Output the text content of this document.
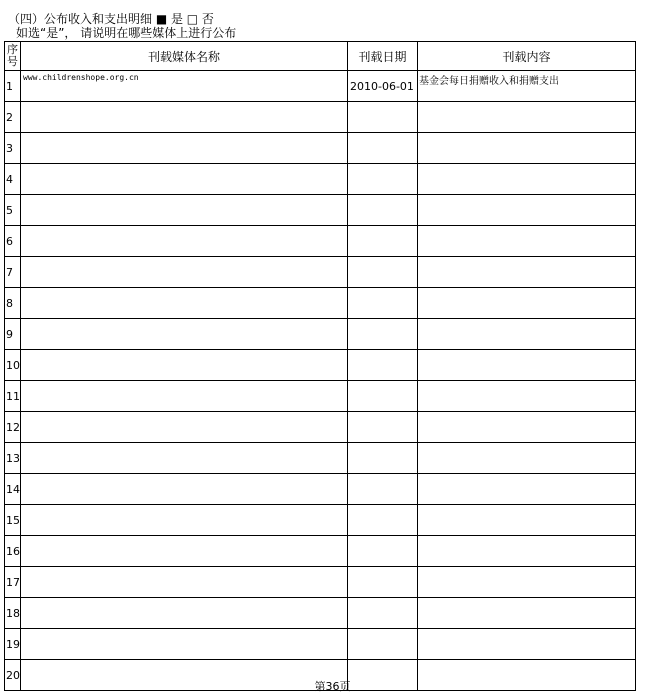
（四）公布收入和支出明细 ■ 是 □ 否
如选“是”， 请说明在哪些媒体上进行公布
序号	刊载媒体名称	刊载日期	刊载内容
1	www.childrenshope.org.cn	2010-06-01	基金会每日捐赠收入和捐赠支出
2			
3			
4			
5			
6			
7			
8			
9			
10			
11			
12			
13			
14			
15			
16			
17			
18			
19			
20			
第36页
